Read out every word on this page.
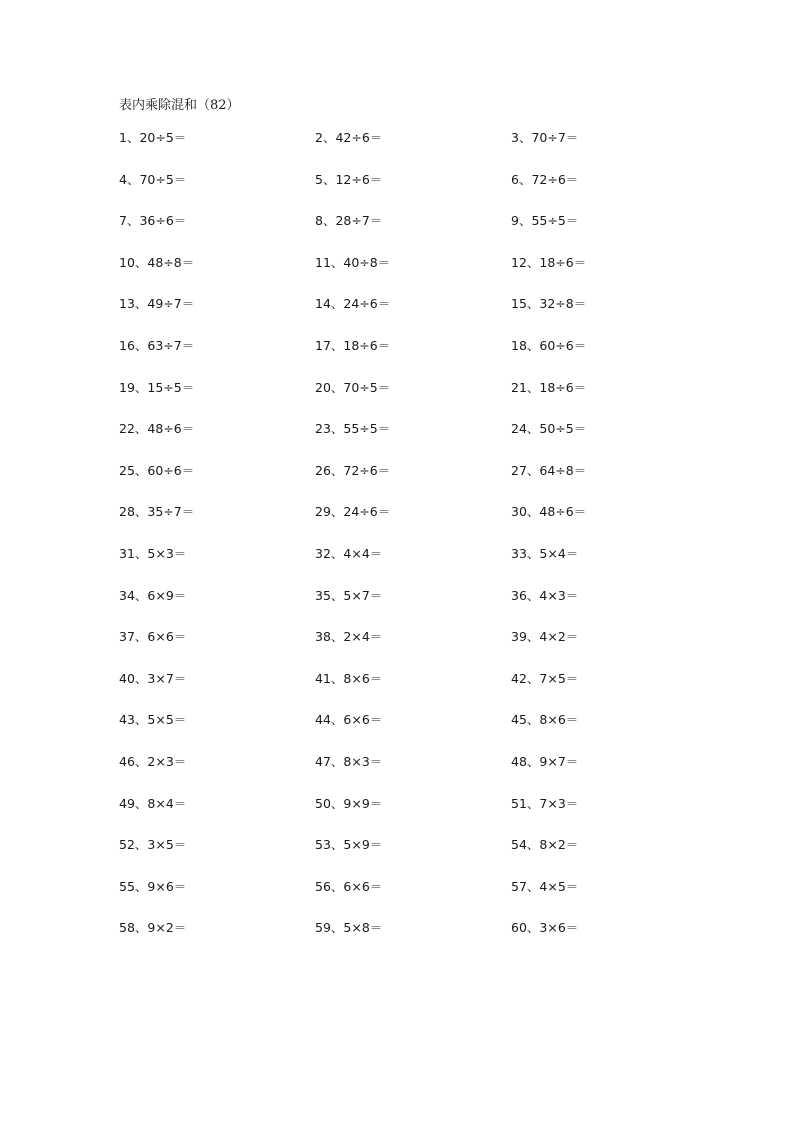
表内乘除混和（82）
1、20÷5＝	2、42÷6＝	3、70÷7＝
4、70÷5＝	5、12÷6＝	6、72÷6＝
7、36÷6＝	8、28÷7＝	9、55÷5＝
10、48÷8＝	11、40÷8＝	12、18÷6＝
13、49÷7＝	14、24÷6＝	15、32÷8＝
16、63÷7＝	17、18÷6＝	18、60÷6＝
19、15÷5＝	20、70÷5＝	21、18÷6＝
22、48÷6＝	23、55÷5＝	24、50÷5＝
25、60÷6＝	26、72÷6＝	27、64÷8＝
28、35÷7＝	29、24÷6＝	30、48÷6＝
31、5×3＝	32、4×4＝	33、5×4＝
34、6×9＝	35、5×7＝	36、4×3＝
37、6×6＝	38、2×4＝	39、4×2＝
40、3×7＝	41、8×6＝	42、7×5＝
43、5×5＝	44、6×6＝	45、8×6＝
46、2×3＝	47、8×3＝	48、9×7＝
49、8×4＝	50、9×9＝	51、7×3＝
52、3×5＝	53、5×9＝	54、8×2＝
55、9×6＝	56、6×6＝	57、4×5＝
58、9×2＝	59、5×8＝	60、3×6＝
